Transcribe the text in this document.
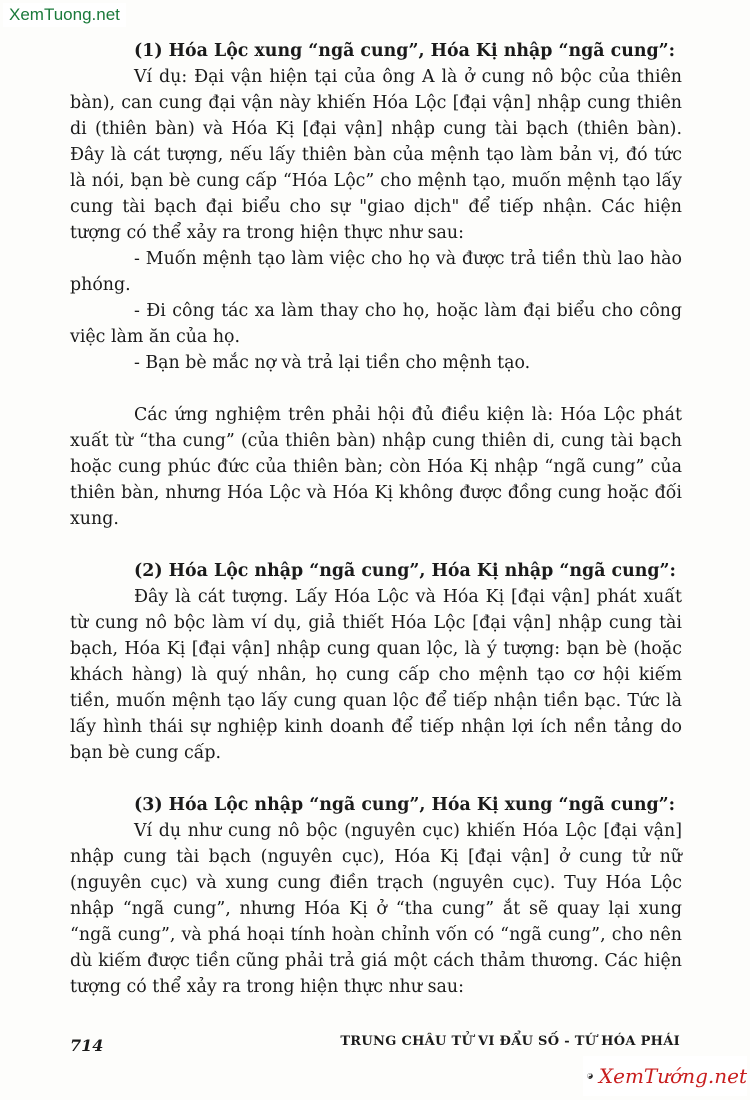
XemTuong.net

(1) Hóa Lộc xung “ngã cung”, Hóa Kị nhập “ngã cung”:

Ví dụ: Đại vận hiện tại của ông A là ở cung nô bộc của thiên bàn), can cung đại vận này khiến Hóa Lộc [đại vận] nhập cung thiên di (thiên bàn) và Hóa Kị [đại vận] nhập cung tài bạch (thiên bàn). Đây là cát tượng, nếu lấy thiên bàn của mệnh tạo làm bản vị, đó tức là nói, bạn bè cung cấp “Hóa Lộc” cho mệnh tạo, muốn mệnh tạo lấy cung tài bạch đại biểu cho sự "giao dịch" để tiếp nhận. Các hiện tượng có thể xảy ra trong hiện thực như sau:

- Muốn mệnh tạo làm việc cho họ và được trả tiền thù lao hào phóng.

- Đi công tác xa làm thay cho họ, hoặc làm đại biểu cho công việc làm ăn của họ.

- Bạn bè mắc nợ và trả lại tiền cho mệnh tạo.

Các ứng nghiệm trên phải hội đủ điều kiện là: Hóa Lộc phát xuất từ “tha cung” (của thiên bàn) nhập cung thiên di, cung tài bạch hoặc cung phúc đức của thiên bàn; còn Hóa Kị nhập “ngã cung” của thiên bàn, nhưng Hóa Lộc và Hóa Kị không được đồng cung hoặc đối xung.

(2) Hóa Lộc nhập “ngã cung”, Hóa Kị nhập “ngã cung”:

Đây là cát tượng. Lấy Hóa Lộc và Hóa Kị [đại vận] phát xuất từ cung nô bộc làm ví dụ, giả thiết Hóa Lộc [đại vận] nhập cung tài bạch, Hóa Kị [đại vận] nhập cung quan lộc, là ý tượng: bạn bè (hoặc khách hàng) là quý nhân, họ cung cấp cho mệnh tạo cơ hội kiếm tiền, muốn mệnh tạo lấy cung quan lộc để tiếp nhận tiền bạc. Tức là lấy hình thái sự nghiệp kinh doanh để tiếp nhận lợi ích nền tảng do bạn bè cung cấp.

(3) Hóa Lộc nhập “ngã cung”, Hóa Kị xung “ngã cung”:

Ví dụ như cung nô bộc (nguyên cục) khiến Hóa Lộc [đại vận] nhập cung tài bạch (nguyên cục), Hóa Kị [đại vận] ở cung tử nữ (nguyên cục) và xung cung điền trạch (nguyên cục). Tuy Hóa Lộc nhập “ngã cung”, nhưng Hóa Kị ở “tha cung” ắt sẽ quay lại xung “ngã cung”, và phá hoại tính hoàn chỉnh vốn có “ngã cung”, cho nên dù kiếm được tiền cũng phải trả giá một cách thảm thương. Các hiện tượng có thể xảy ra trong hiện thực như sau:

714	TRUNG CHÂU TỬ VI ĐẨU SỐ - TỨ HÓA PHÁI
XemTướng.net
